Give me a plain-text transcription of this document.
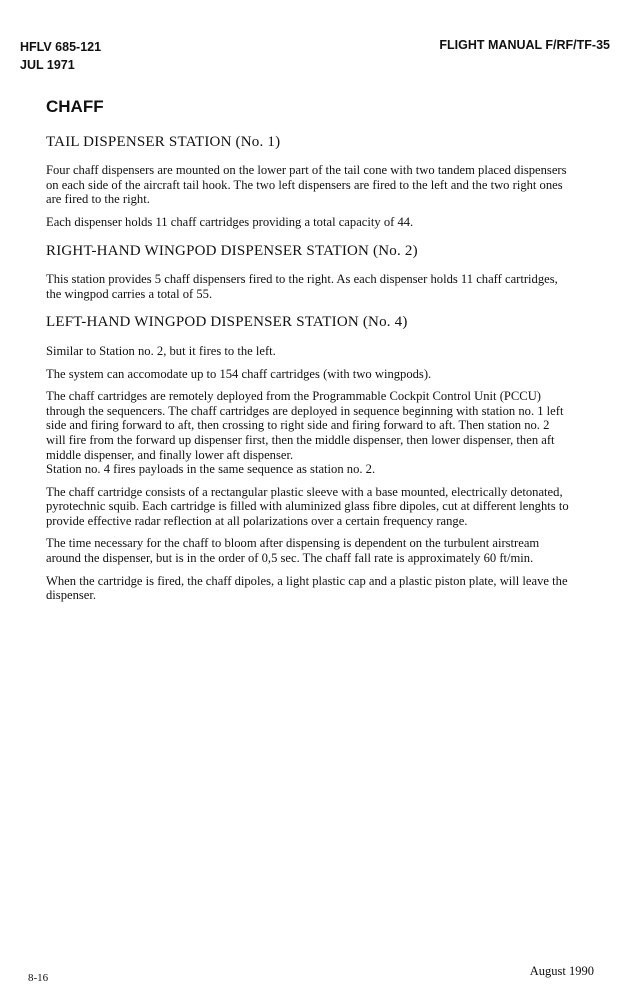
HFLV 685-121
JUL 1971
FLIGHT MANUAL F/RF/TF-35
CHAFF
TAIL DISPENSER STATION (No. 1)

Four chaff dispensers are mounted on the lower part of the tail cone with two tandem placed dispensers on each side of the aircraft tail hook. The two left dispensers are fired to the left and the two right ones are fired to the right.

Each dispenser holds 11 chaff cartridges providing a total capacity of 44.

RIGHT-HAND WINGPOD DISPENSER STATION (No. 2)

This station provides 5 chaff dispensers fired to the right. As each dispenser holds 11 chaff cartridges, the wingpod carries a total of 55.

LEFT-HAND WINGPOD DISPENSER STATION (No. 4)

Similar to Station no. 2, but it fires to the left.

The system can accomodate up to 154 chaff cartridges (with two wingpods).

The chaff cartridges are remotely deployed from the Programmable Cockpit Control Unit (PCCU) through the sequencers. The chaff cartridges are deployed in sequence beginning with station no. 1 left side and firing forward to aft, then crossing to right side and firing forward to aft. Then station no. 2 will fire from the forward up dispenser first, then the middle dispenser, then lower dispenser, then aft middle dispenser, and finally lower aft dispenser.

Station no. 4 fires payloads in the same sequence as station no. 2.

The chaff cartridge consists of a rectangular plastic sleeve with a base mounted, electrically detonated, pyrotechnic squib. Each cartridge is filled with aluminized glass fibre dipoles, cut at different lenghts to provide effective radar reflection at all polarizations over a certain frequency range.

The time necessary for the chaff to bloom after dispensing is dependent on the turbulent airstream around the dispenser, but is in the order of 0,5 sec. The chaff fall rate is approximately 60 ft/min.

When the cartridge is fired, the chaff dipoles, a light plastic cap and a plastic piston plate, will leave the dispenser.

8-16	August 1990
